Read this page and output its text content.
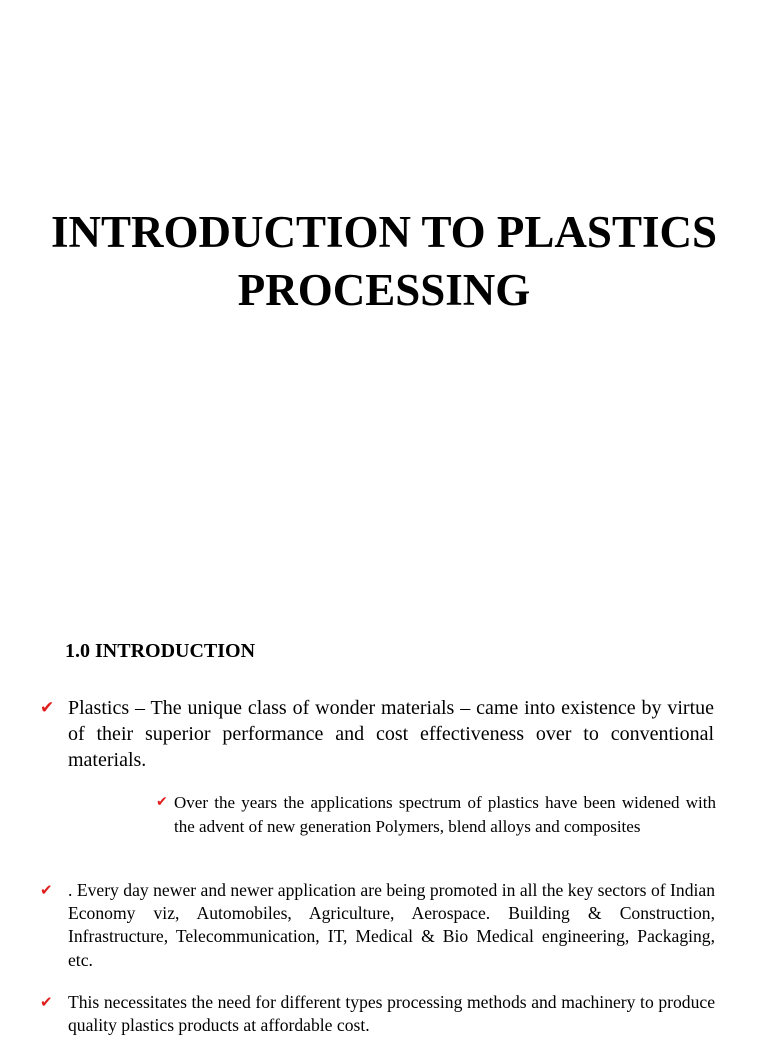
INTRODUCTION TO PLASTICS
PROCESSING
1.0 INTRODUCTION
✔ Plastics – The unique class of wonder materials – came into existence by virtue of their superior performance and cost effectiveness over to conventional materials.

✔ Over the years the applications spectrum of plastics have been widened with the advent of new generation Polymers, blend alloys and composites

✔ . Every day newer and newer application are being promoted in all the key sectors of Indian Economy viz, Automobiles, Agriculture, Aerospace. Building & Construction, Infrastructure, Telecommunication, IT, Medical & Bio Medical engineering, Packaging, etc.

✔ This necessitates the need for different types processing methods and machinery to produce quality plastics products at affordable cost.
